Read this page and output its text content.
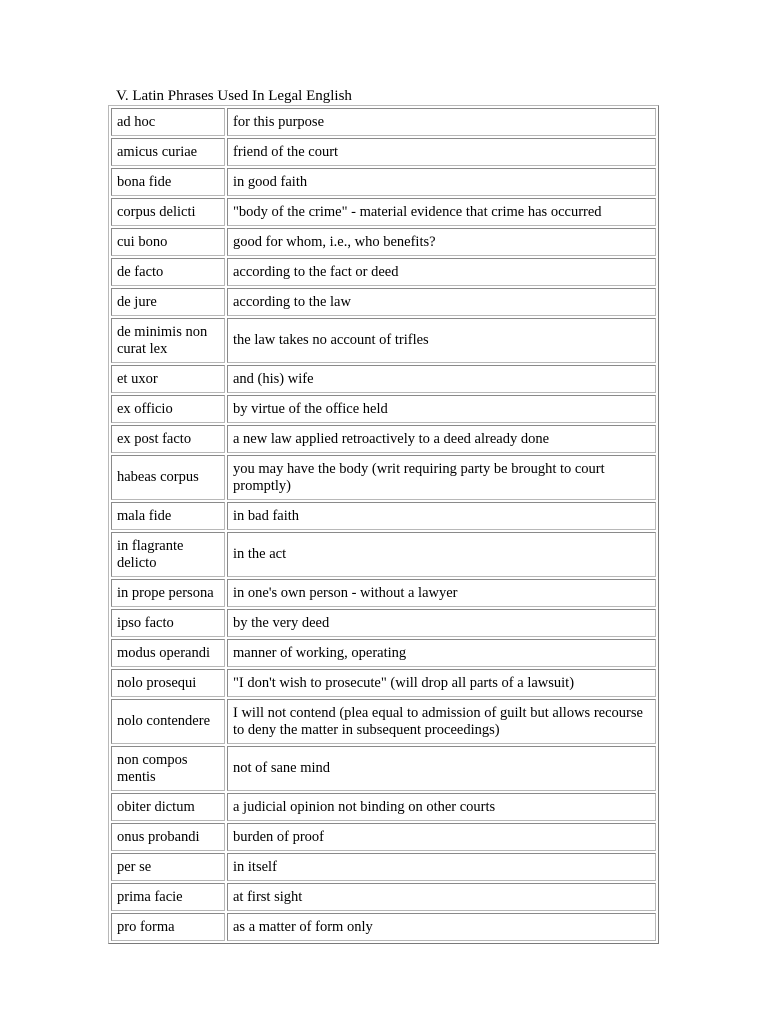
V. Latin Phrases Used In Legal English
ad hoc	for this purpose
amicus curiae	friend of the court
bona fide	in good faith
corpus delicti	"body of the crime" - material evidence that crime has occurred
cui bono	good for whom, i.e., who benefits?
de facto	according to the fact or deed
de jure	according to the law
de minimis non curat lex	the law takes no account of trifles
et uxor	and (his) wife
ex officio	by virtue of the office held
ex post facto	a new law applied retroactively to a deed already done
habeas corpus	you may have the body (writ requiring party be brought to court promptly)
mala fide	in bad faith
in flagrante delicto	in the act
in prope persona	in one's own person - without a lawyer
ipso facto	by the very deed
modus operandi	manner of working, operating
nolo prosequi	"I don't wish to prosecute" (will drop all parts of a lawsuit)
nolo contendere	I will not contend (plea equal to admission of guilt but allows recourse to deny the matter in subsequent proceedings)
non compos mentis	not of sane mind
obiter dictum	a judicial opinion not binding on other courts
onus probandi	burden of proof
per se	in itself
prima facie	at first sight
pro forma	as a matter of form only
